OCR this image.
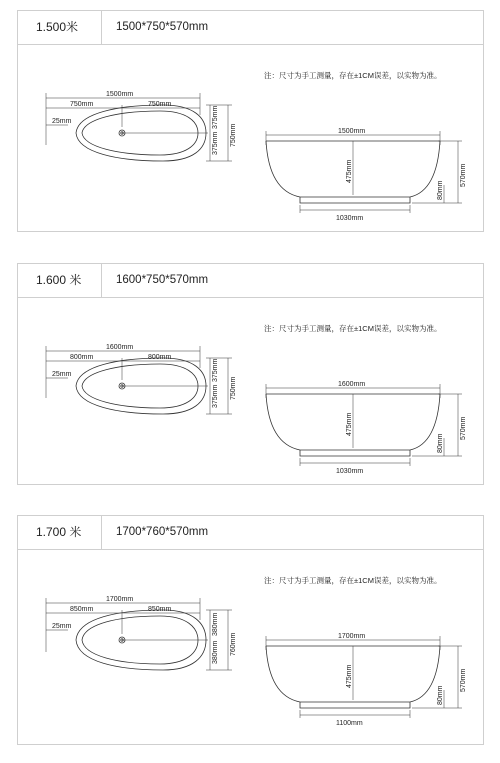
1.500米	1500*750*570mm
注：尺寸为手工测量，存在±1CM误差，以实物为准。
1500mm
750mm	750mm
25mm	375mm
375mm 750mm	1500mm
475mm
80mm
570mm
1030mm
1.600 米	1600*750*570mm
注：尺寸为手工测量，存在±1CM误差，以实物为准。
1600mm
800mm	800mm
25mm	375mm
375mm 750mm	1600mm
475mm
80mm
570mm
1030mm
1.700 米	1700*760*570mm
注：尺寸为手工测量，存在±1CM误差，以实物为准。
1700mm
850mm	850mm
25mm	380mm
380mm 760mm	1700mm
475mm
80mm
570mm
1100mm
